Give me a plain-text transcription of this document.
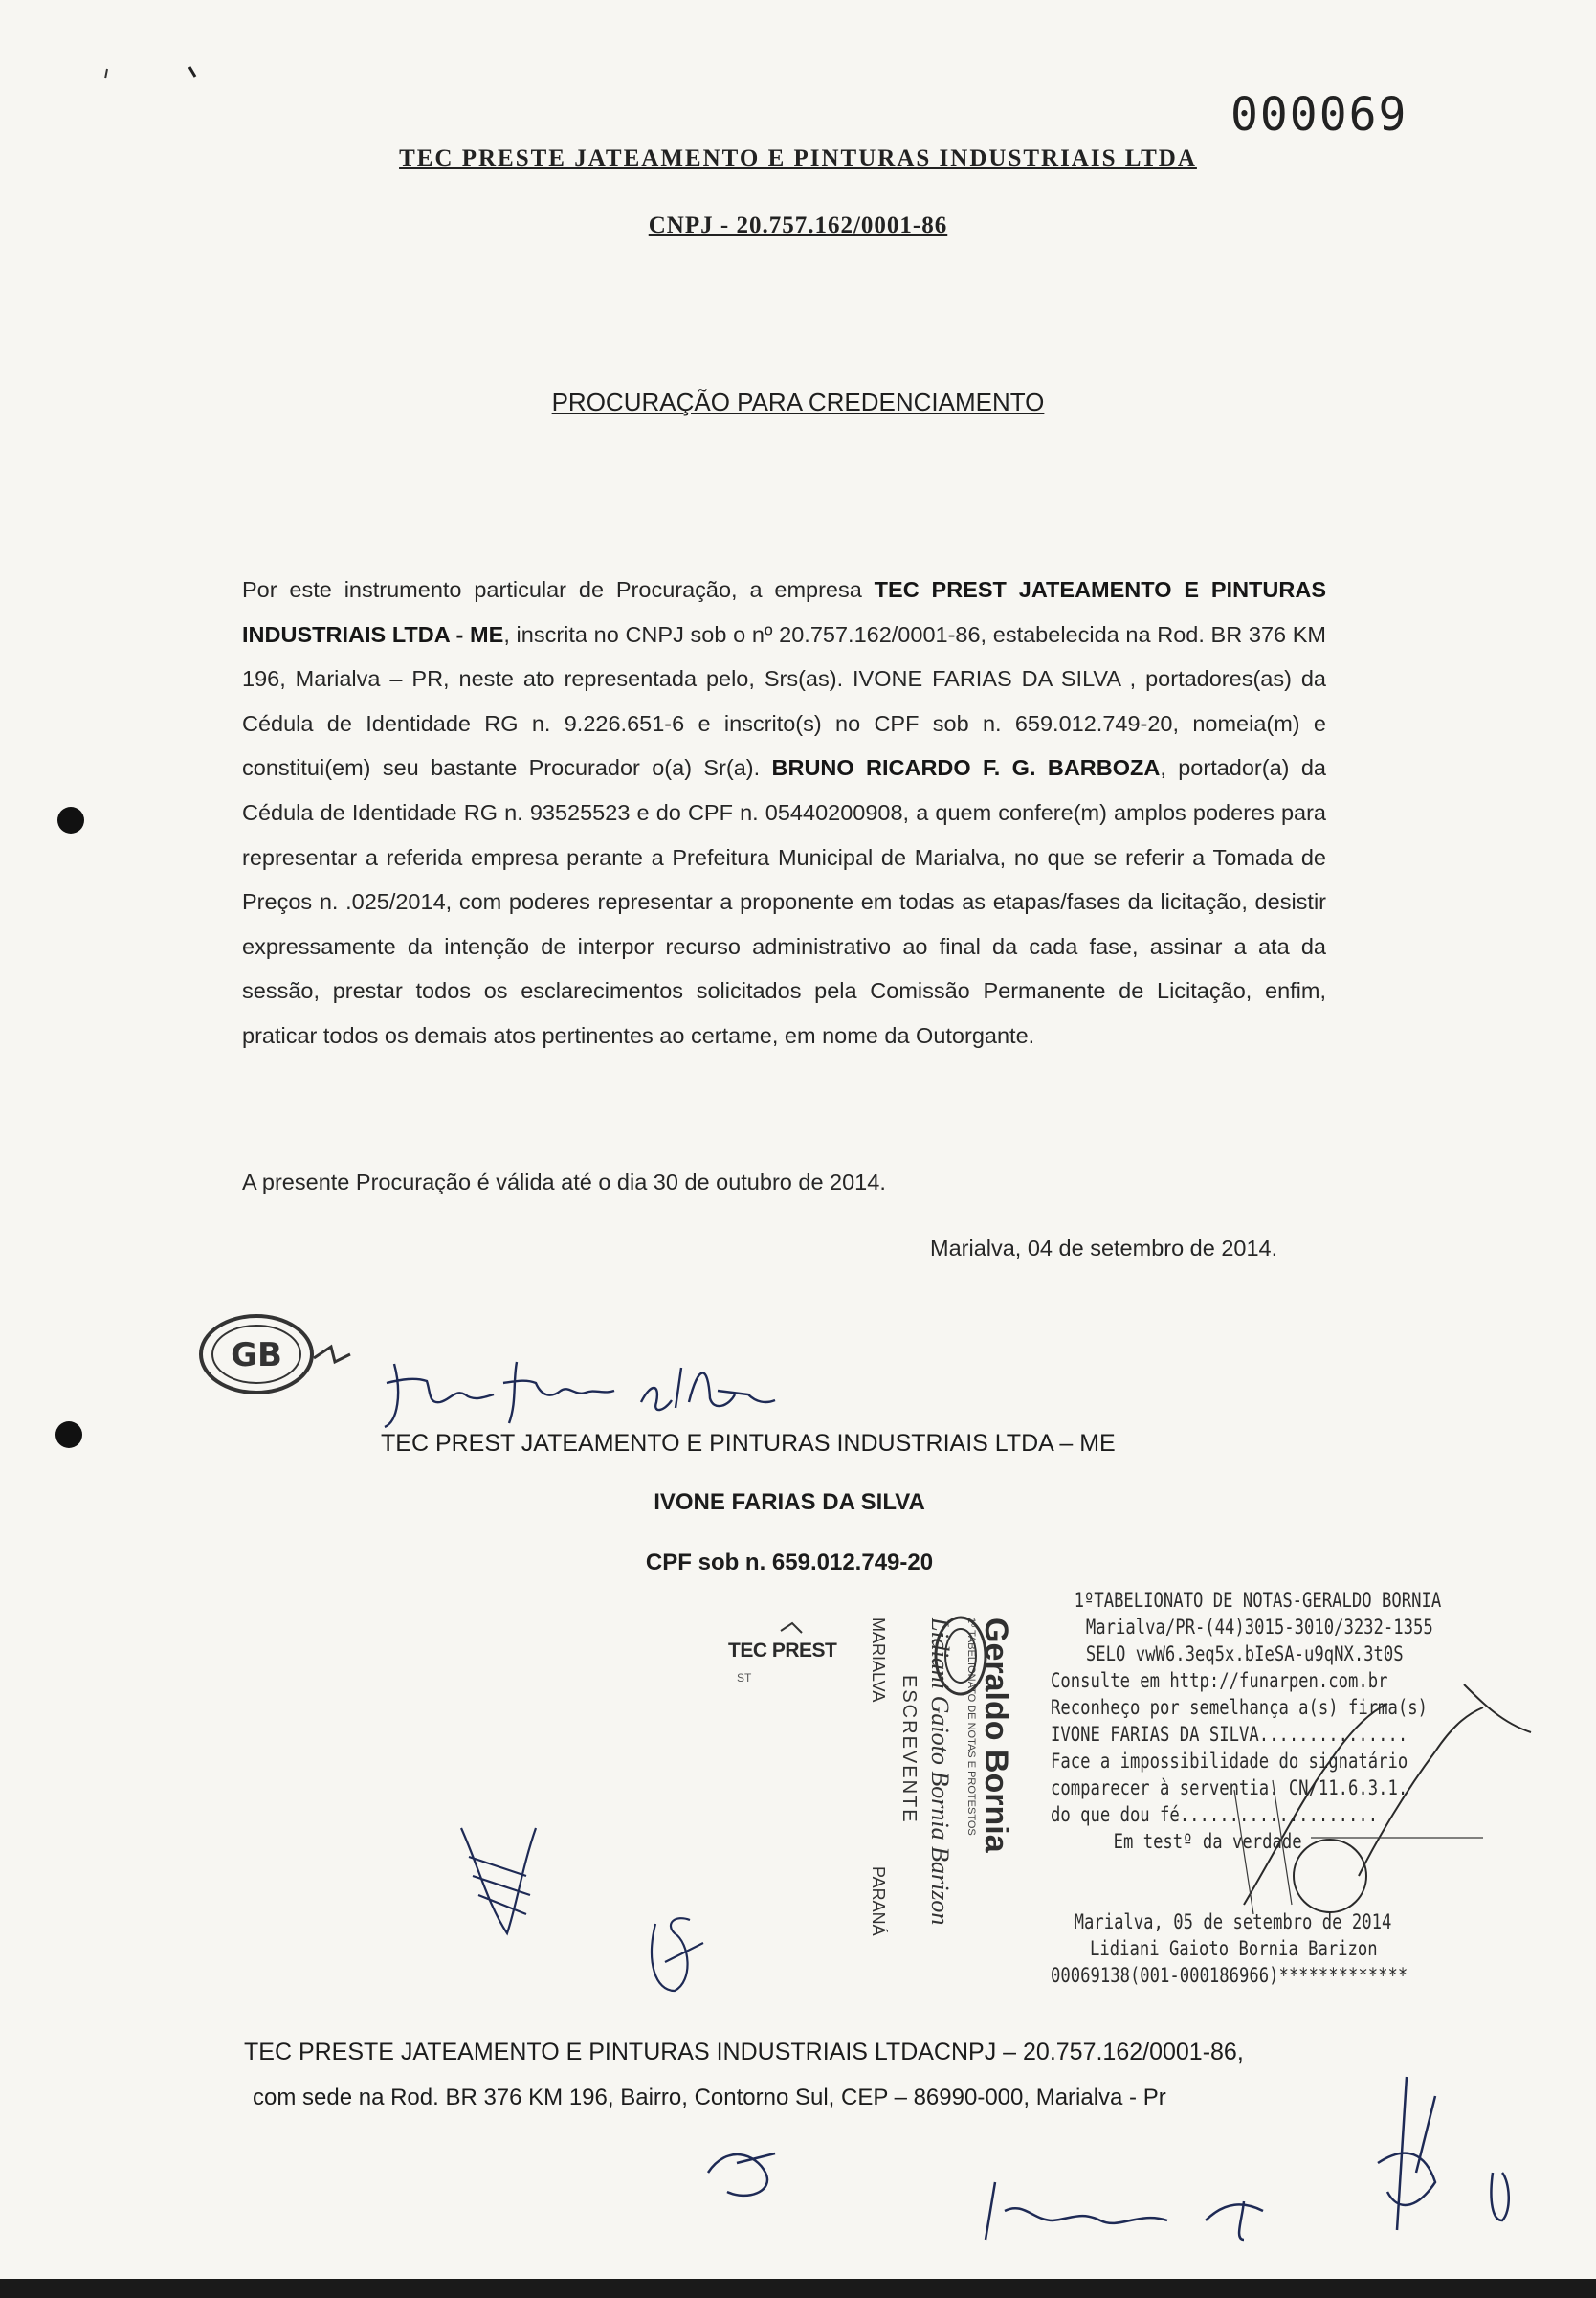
000069
TEC PRESTE JATEAMENTO E PINTURAS INDUSTRIAIS LTDA
CNPJ - 20.757.162/0001-86
PROCURAÇÃO PARA CREDENCIAMENTO
Por este instrumento particular de Procuração, a empresa TEC PREST JATEAMENTO E PINTURAS INDUSTRIAIS LTDA - ME, inscrita no CNPJ sob o nº 20.757.162/0001-86, estabelecida na Rod. BR 376 KM 196, Marialva – PR, neste ato representada pelo, Srs(as). IVONE FARIAS DA SILVA , portadores(as) da Cédula de Identidade RG n. 9.226.651-6 e inscrito(s) no CPF sob n. 659.012.749-20, nomeia(m) e constitui(em) seu bastante Procurador o(a) Sr(a). BRUNO RICARDO F. G. BARBOZA, portador(a) da Cédula de Identidade RG n. 93525523 e do CPF n. 05440200908, a quem confere(m) amplos poderes para representar a referida empresa perante a Prefeitura Municipal de Marialva, no que se referir a Tomada de Preços n. .025/2014, com poderes representar a proponente em todas as etapas/fases da licitação, desistir expressamente da intenção de interpor recurso administrativo ao final da cada fase, assinar a ata da sessão, prestar todos os esclarecimentos solicitados pela Comissão Permanente de Licitação, enfim, praticar todos os demais atos pertinentes ao certame, em nome da Outorgante.
A presente Procuração é válida até o dia 30 de outubro de 2014.
Marialva, 04 de setembro de 2014.
GB
TEC PREST JATEAMENTO E PINTURAS INDUSTRIAIS LTDA – ME
IVONE FARIAS DA SILVA
CPF sob n. 659.012.749-20
TEC PREST
ST	Geraldo Bornia
1º TABELIONATO DE NOTAS E PROTESTOS
Lidiani Gaioto Bornia Barizon
ESCREVENTE
MARIALVA
PARANÁ
1ºTABELIONATO DE NOTAS-GERALDO BORNIA
Marialva/PR-(44)3015-3010/3232-1355
SELO vwW6.3eq5x.bIeSA-u9qNX.3t0S
Consulte em http://funarpen.com.br
Reconheço por semelhança a(s) firma(s)
IVONE FARIAS DA SILVA...............
Face a impossibilidade do signatário
comparecer à serventia. CN/11.6.3.1.
do que dou fé....................
Em testº da verdade
Marialva, 05 de setembro de 2014
Lidiani Gaioto Bornia Barizon
00069138(001-000186966)*************
TEC PRESTE JATEAMENTO E PINTURAS INDUSTRIAIS LTDACNPJ – 20.757.162/0001-86,
com sede na Rod. BR 376 KM 196, Bairro, Contorno Sul, CEP – 86990-000, Marialva - Pr
